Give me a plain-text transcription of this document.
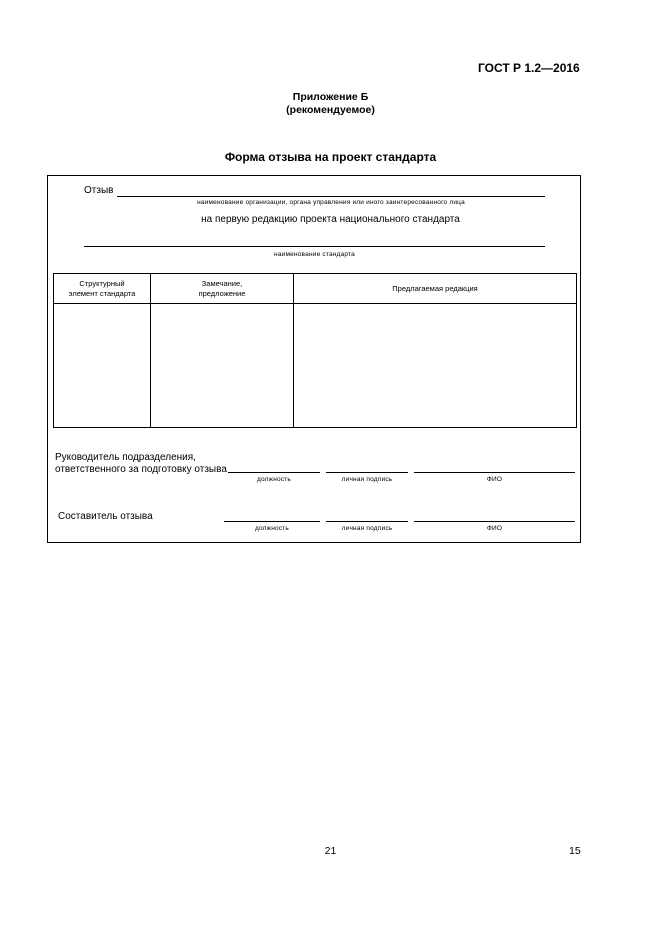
ГОСТ Р 1.2—2016
Приложение Б
(рекомендуемое)
Форма отзыва на проект стандарта
Отзыв
наименование организации, органа управления или иного заинтересованного лица
на первую редакцию проекта национального стандарта
наименование стандарта
Структурный элемент стандарта	Замечание, предложение	Предлагаемая редакция

Руководитель подразделения,
ответственного за подготовку отзыва
должность	личная подпись	ФИО
Составитель отзыва
должность	личная подпись	ФИО
21	15
